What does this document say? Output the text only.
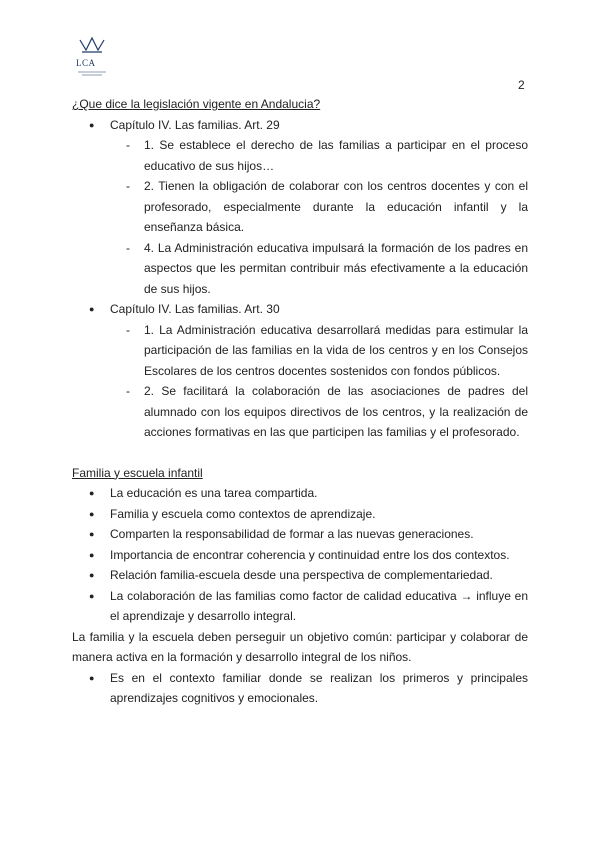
LCA
2

¿Que dice la legislación vigente en Andalucia?

● Capítulo IV. Las familias. Art. 29
- 1. Se establece el derecho de las familias a participar en el proceso educativo de sus hijos…
- 2. Tienen la obligación de colaborar con los centros docentes y con el profesorado, especialmente durante la educación infantil y la enseñanza básica.
- 4. La Administración educativa impulsará la formación de los padres en aspectos que les permitan contribuir más efectivamente a la educación de sus hijos.
● Capítulo IV. Las familias. Art. 30
- 1. La Administración educativa desarrollará medidas para estimular la participación de las familias en la vida de los centros y en los Consejos Escolares de los centros docentes sostenidos con fondos públicos.
- 2. Se facilitará la colaboración de las asociaciones de padres del alumnado con los equipos directivos de los centros, y la realización de acciones formativas en las que participen las familias y el profesorado.

Familia y escuela infantil

● La educación es una tarea compartida.
● Familia y escuela como contextos de aprendizaje.
● Comparten la responsabilidad de formar a las nuevas generaciones.
● Importancia de encontrar coherencia y continuidad entre los dos contextos.
● Relación familia-escuela desde una perspectiva de complementariedad.
● La colaboración de las familias como factor de calidad educativa → influye en el aprendizaje y desarrollo integral.

La familia y la escuela deben perseguir un objetivo común: participar y colaborar de manera activa en la formación y desarrollo integral de los niños.

● Es en el contexto familiar donde se realizan los primeros y principales aprendizajes cognitivos y emocionales.
